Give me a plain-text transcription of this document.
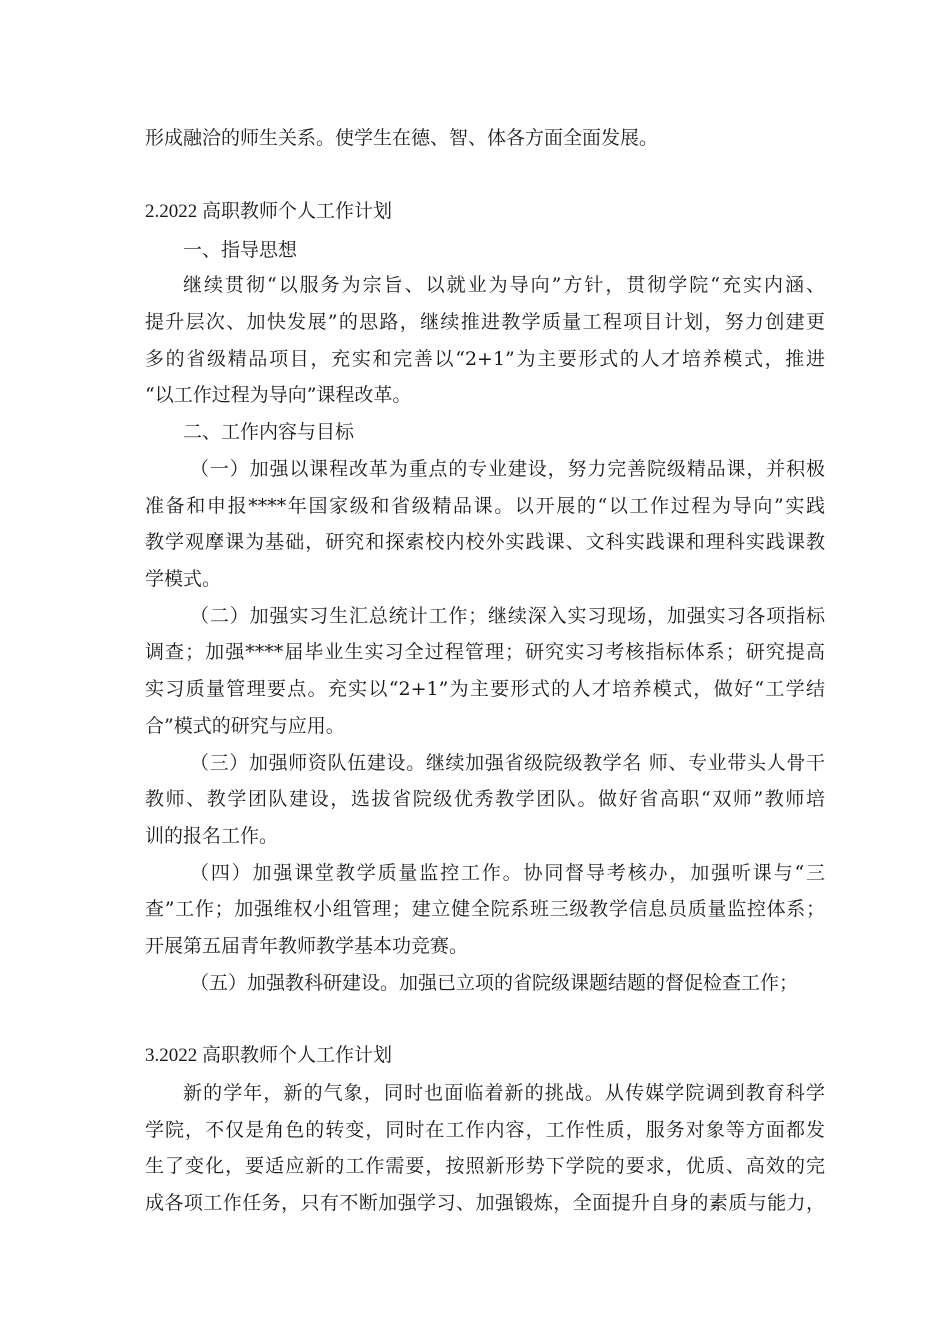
形成融洽的师生关系。使学生在德、智、体各方面全面发展。
2.2022 高职教师个人工作计划
一、指导思想
继续贯彻“以服务为宗旨、以就业为导向”方针，贯彻学院“充实内涵、
提升层次、加快发展”的思路，继续推进教学质量工程项目计划，努力创建更
多的省级精品项目，充实和完善以“2+1”为主要形式的人才培养模式，推进
“以工作过程为导向”课程改革。
二、工作内容与目标
（一）加强以课程改革为重点的专业建设，努力完善院级精品课，并积极
准备和申报****年国家级和省级精品课。以开展的“以工作过程为导向”实践
教学观摩课为基础，研究和探索校内校外实践课、文科实践课和理科实践课教
学模式。
（二）加强实习生汇总统计工作；继续深入实习现场，加强实习各项指标
调查；加强****届毕业生实习全过程管理；研究实习考核指标体系；研究提高
实习质量管理要点。充实以“2+1”为主要形式的人才培养模式，做好“工学结
合”模式的研究与应用。
（三）加强师资队伍建设。继续加强省级院级教学名 师、专业带头人骨干
教师、教学团队建设，选拔省院级优秀教学团队。做好省高职“双师”教师培
训的报名工作。
（四）加强课堂教学质量监控工作。协同督导考核办，加强听课与“三
查”工作；加强维权小组管理；建立健全院系班三级教学信息员质量监控体系；
开展第五届青年教师教学基本功竞赛。
（五）加强教科研建设。加强已立项的省院级课题结题的督促检查工作；
3.2022 高职教师个人工作计划
新的学年，新的气象，同时也面临着新的挑战。从传媒学院调到教育科学
学院，不仅是角色的转变，同时在工作内容，工作性质，服务对象等方面都发
生了变化，要适应新的工作需要，按照新形势下学院的要求，优质、高效的完
成各项工作任务，只有不断加强学习、加强锻炼，全面提升自身的素质与能力，
